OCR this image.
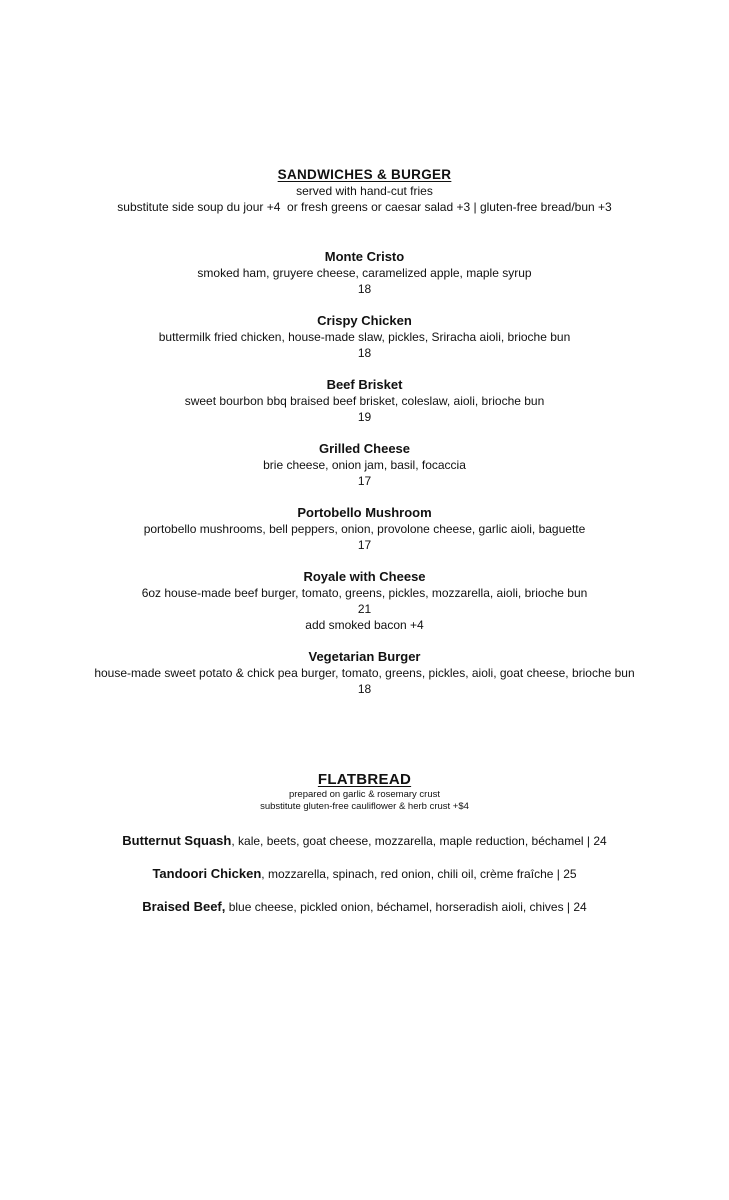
SANDWICHES & BURGER
served with hand-cut fries
substitute side soup du jour +4  or fresh greens or caesar salad +3 | gluten-free bread/bun +3
Monte Cristo
smoked ham, gruyere cheese, caramelized apple, maple syrup
18
Crispy Chicken
buttermilk fried chicken, house-made slaw, pickles, Sriracha aioli, brioche bun
18
Beef Brisket
sweet bourbon bbq braised beef brisket, coleslaw, aioli, brioche bun
19
Grilled Cheese
brie cheese, onion jam, basil, focaccia
17
Portobello Mushroom
portobello mushrooms, bell peppers, onion, provolone cheese, garlic aioli, baguette
17
Royale with Cheese
6oz house-made beef burger, tomato, greens, pickles, mozzarella, aioli, brioche bun
21
add smoked bacon +4
Vegetarian Burger
house-made sweet potato & chick pea burger, tomato, greens, pickles, aioli, goat cheese, brioche bun
18
FLATBREAD
prepared on garlic & rosemary crust
substitute gluten-free cauliflower & herb crust +$4
Butternut Squash, kale, beets, goat cheese, mozzarella, maple reduction, béchamel | 24
Tandoori Chicken, mozzarella, spinach, red onion, chili oil, crème fraîche | 25
Braised Beef, blue cheese, pickled onion, béchamel, horseradish aioli, chives | 24
